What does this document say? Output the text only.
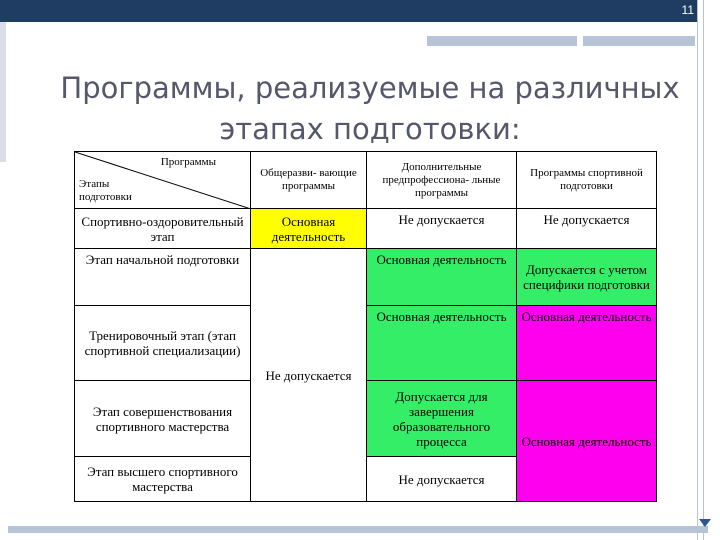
11
Программы, реализуемые на различных
этапах подготовки:
Программы
Этапы
подготовки	Общеразви- вающие программы	Дополнительные предпрофессиона- льные программы	Программы спортивной подготовки
Спортивно-оздоровительный этап	Основная деятельность	Не допускается	Не допускается
Этап начальной подготовки	Не допускается	Основная деятельность	Допускается с учетом специфики подготовки
Тренировочный этап (этап спортивной специализации)		Основная деятельность	Основная деятельность
Этап совершенствования спортивного мастерства		Допускается для завершения образовательного процесса	Основная деятельность
Этап высшего спортивного мастерства		Не допускается	
